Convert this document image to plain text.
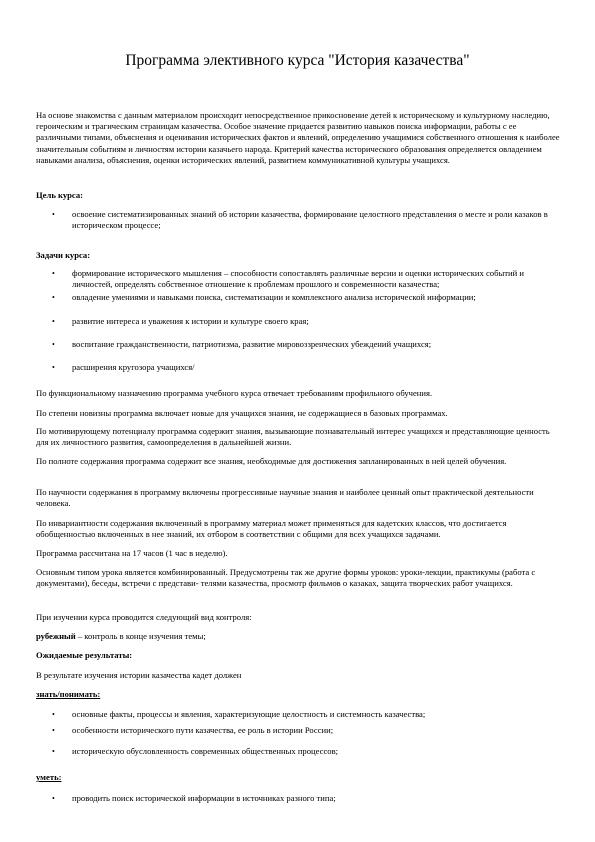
Программа элективного курса "История казачества"
На основе знакомства с данным материалом происходит непосредственное прикосновение детей к историческому и культурному наследию, героическим и трагическим страницам казачества. Особое значение придается развитию навыков поиска информации, работы с ее различными типами, объяснения и оценивания исторических фактов и явлений, определению учащимися собственного отношения к наиболее значительным событиям и личностям истории казачьего народа. Критерий качества исторического образования определяется овладением навыками анализа, объяснения, оценки исторических явлений, развитием коммуникативной культуры учащихся.
Цель курса:
• освоение систематизированных знаний об истории казачества, формирование целостного представления о месте и роли казаков в историческом процессе;
Задачи курса:
• формирование исторического мышления – способности сопоставлять различные версии и оценки исторических событий и личностей, определять собственное отношение к проблемам прошлого и современности казачества;
• овладение умениями и навыками поиска, систематизации и комплексного анализа исторической информации;
• развитие интереса и уважения к истории и культуре своего края;
• воспитание гражданственности, патриотизма, развитие мировоззренческих убеждений учащихся;
• расширения кругозора учащихся/
По функциональному назначению программа учебного курса отвечает требованиям профильного обучения.
По степени новизны программа включает новые для учащихся знания, не содержащиеся в базовых программах.
По мотивирующему потенциалу программа содержит знания, вызывающие познавательный интерес учащихся и представляющие ценность для их личностного развития, самоопределения в дальнейшей жизни.
По полноте содержания программа содержит все знания, необходимые для достижения запланированных в ней целей обучения.
По научности содержания в программу включены прогрессивные научные знания и наиболее ценный опыт практической деятельности человека.
По инвариантности содержания включенный в программу материал может применяться для кадетских классов, что достигается обобщенностью включенных в нее знаний, их отбором в соответствии с общими для всех учащихся задачами.
Программа рассчитана на 17 часов (1 час в неделю).
Основным типом урока является комбинированный. Предусмотрены так же другие формы уроков: уроки-лекции, практикумы (работа с документами), беседы, встречи с представи- телями казачества, просмотр фильмов о казаках, защита творческих работ учащихся.
При изучении курса проводится следующий вид контроля:
рубежный – контроль в конце изучения темы;
Ожидаемые результаты:
В результате изучения истории казачества кадет должен
знать/понимать:
• основные факты, процессы и явления, характеризующие целостность и системность казачества;
• особенности исторического пути казачества, ее роль в истории России;
• историческую обусловленность современных общественных процессов;
уметь:
• проводить поиск исторической информации в источниках разного типа;
